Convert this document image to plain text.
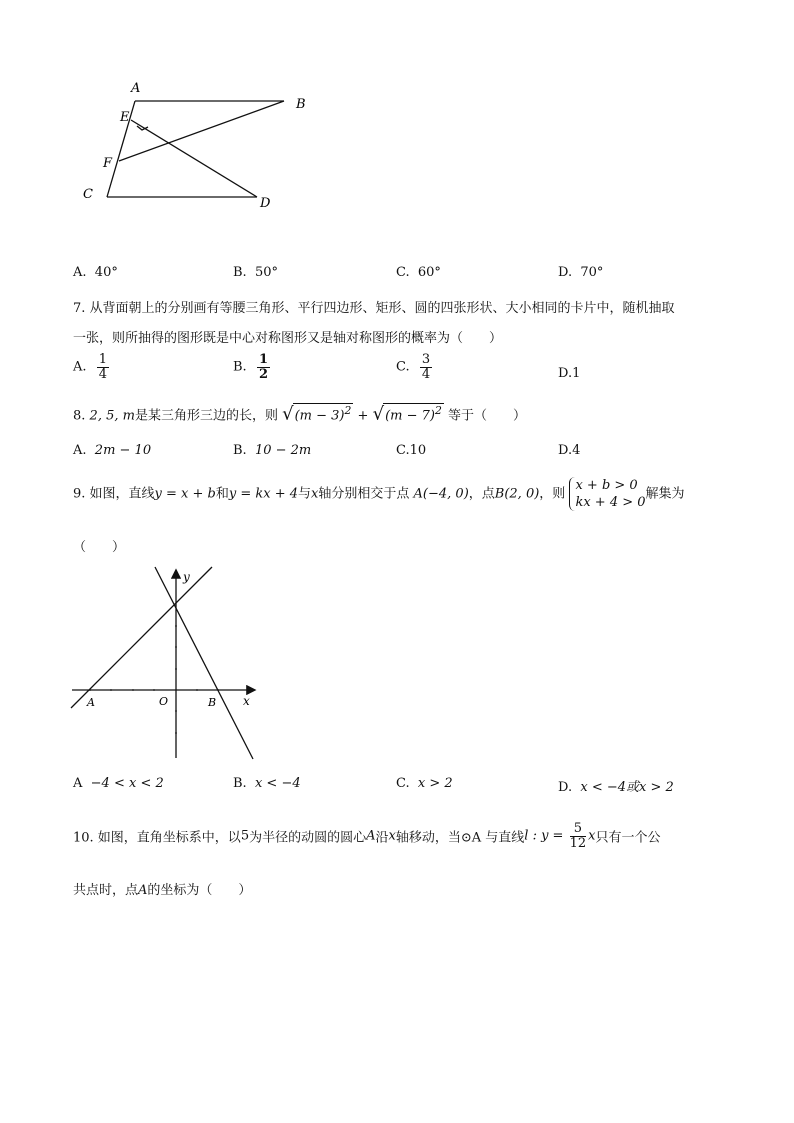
A
B
E
F
C
D
A. 40°	B. 50°	C. 60°	D. 70°
7. 从背面朝上的分别画有等腰三角形、平行四边形、矩形、圆的四张形状、大小相同的卡片中，随机抽取
一张，则所抽得的图形既是中心对称图形又是轴对称图形的概率为（　　）
A. $\frac{1}{4}$	B. $\frac{1}{2}$	C. $\frac{3}{4}$	D.1
8. 2, 5, m是某三角形三边的长，则 $√(m - 3)^2 + √(m - 7)^2$ 等于（　　）
A. 2m − 10	B. 10 − 2m	C.10	D.4
9. 如图，直线y = x + b和y = kx + 4与x轴分别相交于点 A(−4, 0)，点B(2, 0)，则
x + b > 0
kx + 4 > 0
解集为
（　　）
y
x
A	O	B
A −4 < x < 2	B. x < −4	C. x > 2	D. x < −4或x > 2
10. 如图，直角坐标系中，以5为半径的动圆的圆心A沿x轴移动，当⊙A 与直线l : $y = \frac{5}{12}$ x只有一个公
共点时，点A的坐标为（　　）
